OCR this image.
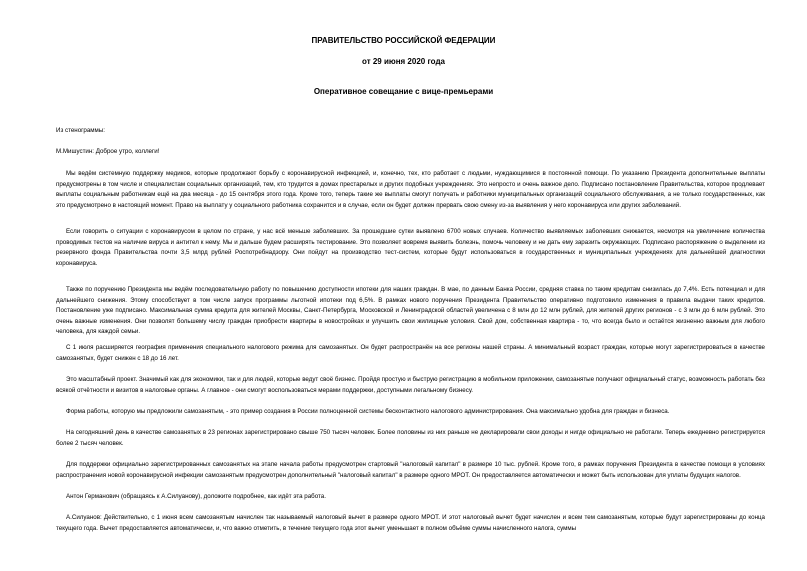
ПРАВИТЕЛЬСТВО РОССИЙСКОЙ ФЕДЕРАЦИИ
от 29 июня 2020 года
Оперативное совещание с вице-премьерами

Из стенограммы:

М.Мишустин: Доброе утро, коллеги!

Мы ведём системную поддержку медиков, которые продолжают борьбу с коронавирусной инфекцией, и, конечно, тех, кто работает с людьми, нуждающимися в постоянной помощи. По указанию Президента дополнительные выплаты предусмотрены в том числе и специалистам социальных организаций, тем, кто трудится в домах престарелых и других подобных учреждениях. Это непросто и очень важное дело. Подписано постановление Правительства, которое продлевает выплаты социальным работникам ещё на два месяца - до 15 сентября этого года. Кроме того, теперь такие же выплаты смогут получать и работники муниципальных организаций социального обслуживания, а не только государственных, как это предусмотрено в настоящий момент. Право на выплату у социального работника сохранится и в случае, если он будет должен прервать свою смену из-за выявления у него коронавируса или других заболеваний.

Если говорить о ситуации с коронавирусом в целом по стране, у нас всё меньше заболевших. За прошедшие сутки выявлено 6700 новых случаев. Количество выявляемых заболевших снижается, несмотря на увеличение количества проводимых тестов на наличие вируса и антител к нему. Мы и дальше будем расширять тестирование. Это позволяет вовремя выявить болезнь, помочь человеку и не дать ему заразить окружающих. Подписано распоряжение о выделении из резервного фонда Правительства почти 3,5 млрд рублей Роспотребнадзору. Они пойдут на производство тест-систем, которые будут использоваться в государственных и муниципальных учреждениях для дальнейшей диагностики коронавируса.

Также по поручению Президента мы ведём последовательную работу по повышению доступности ипотеки для наших граждан. В мае, по данным Банка России, средняя ставка по таким кредитам снизилась до 7,4%. Есть потенциал и для дальнейшего снижения. Этому способствует в том числе запуск программы льготной ипотеки под 6,5%. В рамках нового поручения Президента Правительство оперативно подготовило изменения в правила выдачи таких кредитов. Постановление уже подписано. Максимальная сумма кредита для жителей Москвы, Санкт-Петербурга, Московской и Ленинградской областей увеличена с 8 млн до 12 млн рублей, для жителей других регионов - с 3 млн до 6 млн рублей. Это очень важные изменения. Они позволят большему числу граждан приобрести квартиры в новостройках и улучшить свои жилищные условия. Свой дом, собственная квартира - то, что всегда было и остаётся жизненно важным для любого человека, для каждой семьи.

С 1 июля расширяется география применения специального налогового режима для самозанятых. Он будет распространён на все регионы нашей страны. А минимальный возраст граждан, которые могут зарегистрироваться в качестве самозанятых, будет снижен с 18 до 16 лет.

Это масштабный проект. Значимый как для экономики, так и для людей, которые ведут своё бизнес. Пройдя простую и быструю регистрацию в мобильном приложении, самозанятые получают официальный статус, возможность работать без всякой отчётности и визитов в налоговые органы. А главное - они смогут воспользоваться мерами поддержки, доступными легальному бизнесу.

Форма работы, которую мы предложили самозанятым, - это пример создания в России полноценной системы бесконтактного налогового администрирования. Она максимально удобна для граждан и бизнеса.

На сегодняшний день в качестве самозанятых в 23 регионах зарегистрировано свыше 750 тысяч человек. Более половины из них раньше не декларировали свои доходы и нигде официально не работали. Теперь ежедневно регистрируется более 2 тысяч человек.

Для поддержки официально зарегистрированных самозанятых на этапе начала работы предусмотрен стартовый "налоговый капитал" в размере 10 тыс. рублей. Кроме того, в рамках поручения Президента в качестве помощи в условиях распространения новой коронавирусной инфекции самозанятым предусмотрен дополнительный "налоговый капитал" в размере одного МРОТ. Он предоставляется автоматически и может быть использован для уплаты будущих налогов.

Антон Германович (обращаясь к А.Силуанову), доложите подробнее, как идёт эта работа.

А.Силуанов: Действительно, с 1 июня всем самозанятым начислен так называемый налоговый вычет в размере одного МРОТ. И этот налоговый вычет будет начислен и всем тем самозанятым, которые будут зарегистрированы до конца текущего года. Вычет предоставляется автоматически, и, что важно отметить, в течение текущего года этот вычет уменьшает в полном объёме суммы начисленного налога, суммы
